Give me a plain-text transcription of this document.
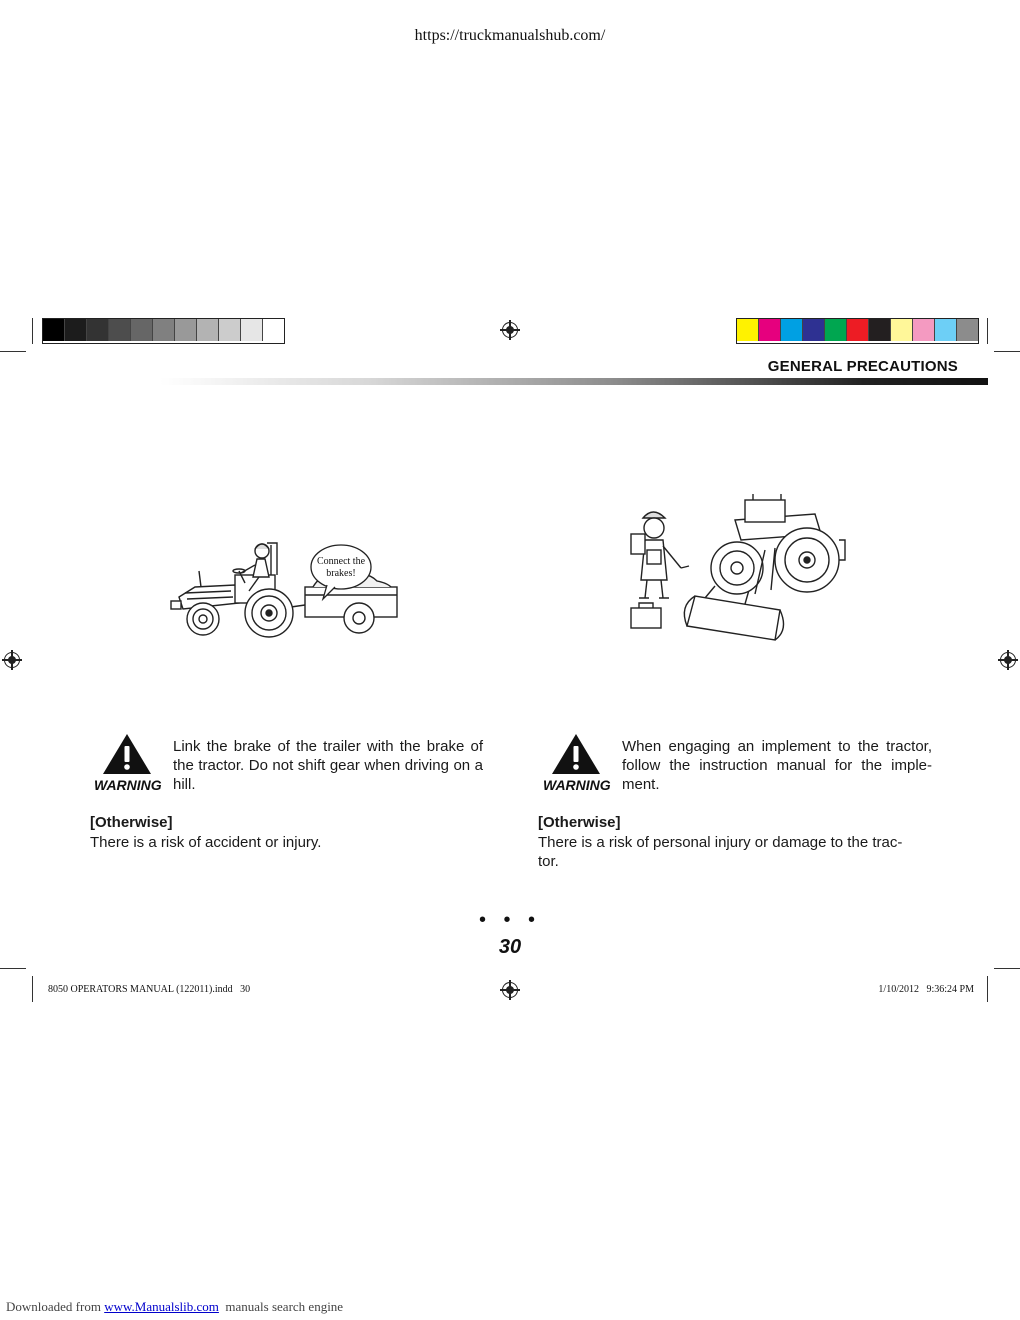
https://truckmanualshub.com/
GENERAL PRECAUTIONS
Connect the
brakes!
WARNING
Link the brake of the trailer with the brake of the tractor. Do not shift gear when driving on a hill.
[Otherwise]
There is a risk of accident or injury.
WARNING
When engaging an implement to the tractor, follow the instruction manual for the imple-ment.
[Otherwise]
There is a risk of personal injury or damage to the trac-tor.
• • •
30
8050 OPERATORS MANUAL (122011).indd   30	1/10/2012   9:36:24 PM
Downloaded from www.Manualslib.com  manuals search engine
